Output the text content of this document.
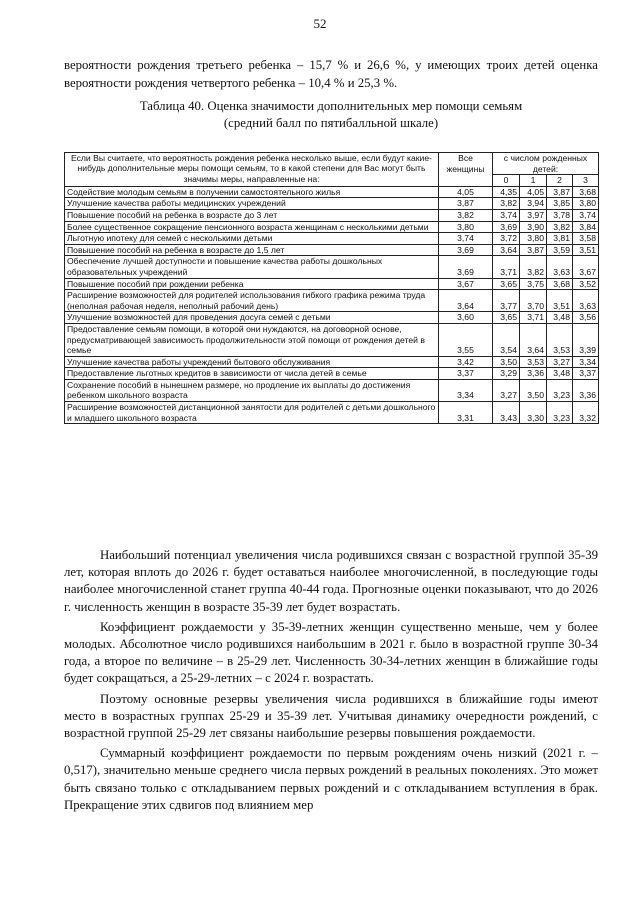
52

вероятности рождения третьего ребенка – 15,7 % и 26,6 %, у имеющих троих детей оценка вероятности рождения четвертого ребенка – 10,4 % и 25,3 %.

Таблица 40. Оценка значимости дополнительных мер помощи семьям
(средний балл по пятибалльной шкале)
Если Вы считаете, что вероятность рождения ребенка несколько выше, если будут какие-нибудь дополнительные меры помощи семьям, то в какой степени для Вас могут быть значимы меры, направленные на:	Все женщины	с числом рожденных детей:			
		0	1	2	3
Содействие молодым семьям в получении самостоятельного жилья	4,05	4,35	4,05	3,87	3,68
Улучшение качества работы медицинских учреждений	3,87	3,82	3,94	3,85	3,80
Повышение пособий на ребенка в возрасте до 3 лет	3,82	3,74	3,97	3,78	3,74
Более существенное сокращение пенсионного возраста женщинам с несколькими детьми	3,80	3,69	3,90	3,82	3,84
Льготную ипотеку для семей с несколькими детьми	3,74	3,72	3,80	3,81	3,58
Повышение пособий на ребенка в возрасте до 1,5 лет	3,69	3,64	3,87	3,59	3,51
Обеспечение лучшей доступности и повышение качества работы дошкольных образовательных учреждений	3,69	3,71	3,82	3,63	3,67
Повышение пособий при рождении ребенка	3,67	3,65	3,75	3,68	3,52
Расширение возможностей для родителей использования гибкого графика режима труда (неполная рабочая неделя, неполный рабочий день)	3,64	3,77	3,70	3,51	3,63
Улучшение возможностей для проведения досуга семей с детьми	3,60	3,65	3,71	3,48	3,56
Предоставление семьям помощи, в которой они нуждаются, на договорной основе, предусматривающей зависимость продолжительности этой помощи от рождения детей в семье	3,55	3,54	3,64	3,53	3,39
Улучшение качества работы учреждений бытового обслуживания	3,42	3,50	3,53	3,27	3,34
Предоставление льготных кредитов в зависимости от числа детей в семье	3,37	3,29	3,36	3,48	3,37
Сохранение пособий в нынешнем размере, но продление их выплаты до достижения ребенком школьного возраста	3,34	3,27	3,50	3,23	3,36
Расширение возможностей дистанционной занятости для родителей с детьми дошкольного и младшего школьного возраста	3,31	3,43	3,30	3,23	3,32

Наибольший потенциал увеличения числа родившихся связан с возрастной группой 35-39 лет, которая вплоть до 2026 г. будет оставаться наиболее многочисленной, в последующие годы наиболее многочисленной станет группа 40-44 года. Прогнозные оценки показывают, что до 2026 г. численность женщин в возрасте 35-39 лет будет возрастать.

Коэффициент рождаемости у 35-39-летних женщин существенно меньше, чем у более молодых. Абсолютное число родившихся наибольшим в 2021 г. было в возрастной группе 30-34 года, а второе по величине – в 25-29 лет. Численность 30-34-летних женщин в ближайшие годы будет сокращаться, а 25-29-летних – с 2024 г. возрастать.

Поэтому основные резервы увеличения числа родившихся в ближайшие годы имеют место в возрастных группах 25-29 и 35-39 лет. Учитывая динамику очередности рождений, с возрастной группой 25-29 лет связаны наибольшие резервы повышения рождаемости.

Суммарный коэффициент рождаемости по первым рождениям очень низкий (2021 г. – 0,517), значительно меньше среднего числа первых рождений в реальных поколениях. Это может быть связано только с откладыванием первых рождений и с откладыванием вступления в брак. Прекращение этих сдвигов под влиянием мер
